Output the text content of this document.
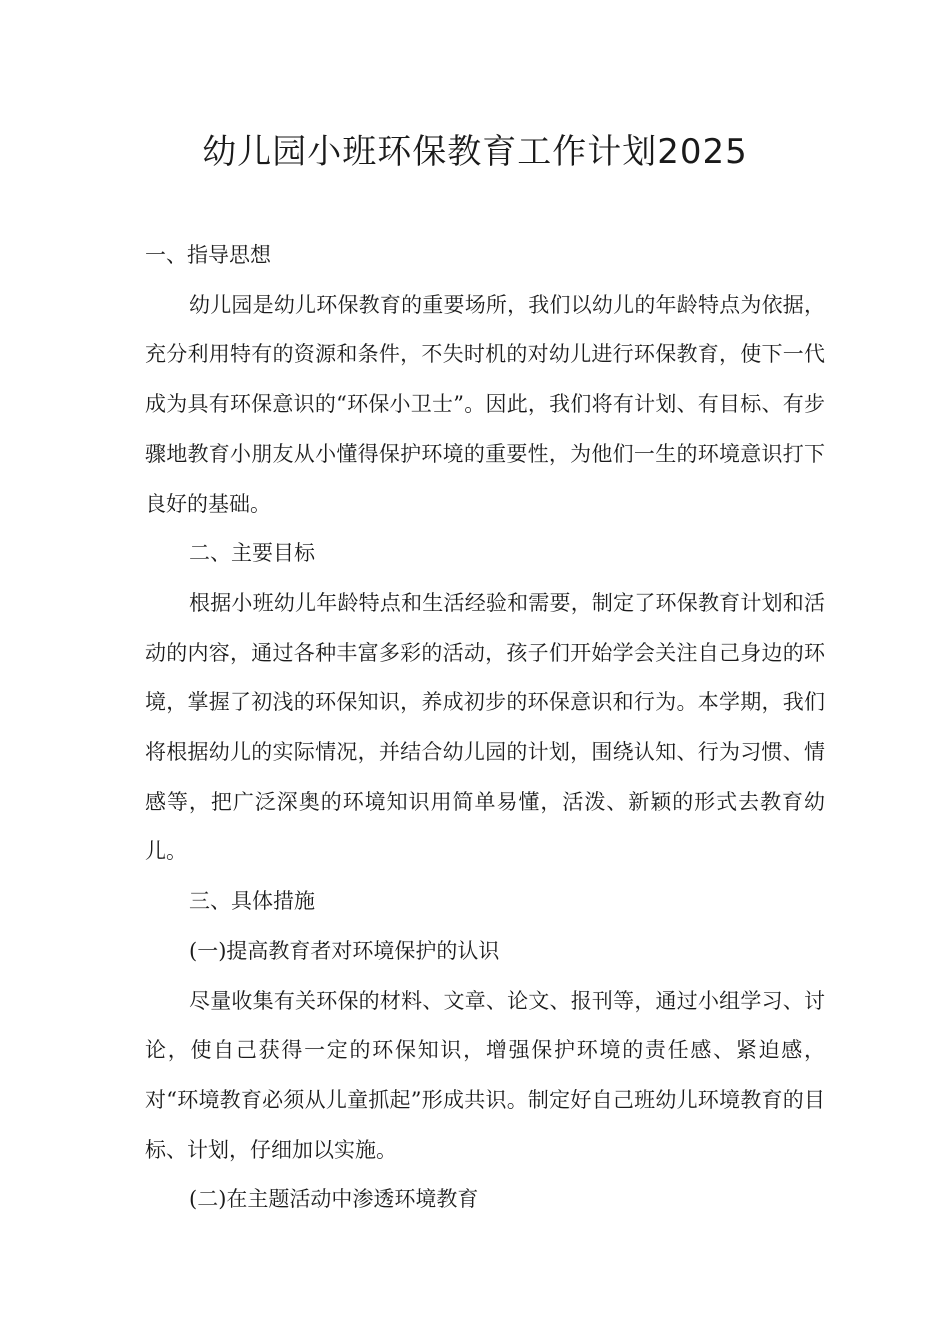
幼儿园小班环保教育工作计划2025

一、指导思想

幼儿园是幼儿环保教育的重要场所，我们以幼儿的年龄特点为依据，充分利用特有的资源和条件，不失时机的对幼儿进行环保教育，使下一代成为具有环保意识的“环保小卫士”。因此，我们将有计划、有目标、有步骤地教育小朋友从小懂得保护环境的重要性，为他们一生的环境意识打下良好的基础。

二、主要目标

根据小班幼儿年龄特点和生活经验和需要，制定了环保教育计划和活动的内容，通过各种丰富多彩的活动，孩子们开始学会关注自己身边的环境，掌握了初浅的环保知识，养成初步的环保意识和行为。本学期，我们将根据幼儿的实际情况，并结合幼儿园的计划，围绕认知、行为习惯、情感等，把广泛深奥的环境知识用简单易懂，活泼、新颖的形式去教育幼儿。

三、具体措施

(一)提高教育者对环境保护的认识

尽量收集有关环保的材料、文章、论文、报刊等，通过小组学习、讨论，使自己获得一定的环保知识，增强保护环境的责任感、紧迫感，对“环境教育必须从儿童抓起”形成共识。制定好自己班幼儿环境教育的目标、计划，仔细加以实施。

(二)在主题活动中渗透环境教育
